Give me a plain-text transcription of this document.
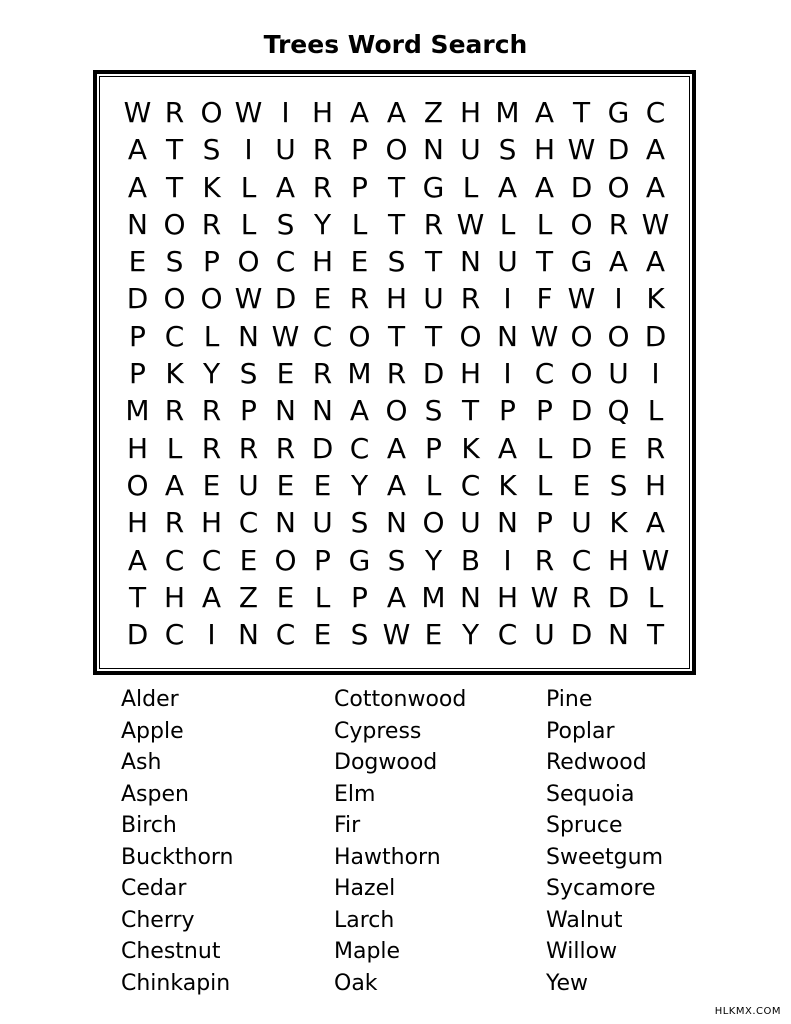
Trees Word Search
W R O W I H A A Z H M A T G C
A T S I U R P O N U S H W D A
A T K L A R P T G L A A D O A
N O R L S Y L T R W L L O R W
E S P O C H E S T N U T G A A
D O O W D E R H U R I F W I K
P C L N W C O T T O N W O O D
P K Y S E R M R D H I C O U I
M R R P N N A O S T P P D Q L
H L R R R D C A P K A L D E R
O A E U E E Y A L C K L E S H
H R H C N U S N O U N P U K A
A C C E O P G S Y B I R C H W
T H A Z E L P A M N H W R D L
D C I N C E S W E Y C U D N T
Alder
Apple
Ash
Aspen
Birch
Buckthorn
Cedar
Cherry
Chestnut
Chinkapin
Cottonwood
Cypress
Dogwood
Elm
Fir
Hawthorn
Hazel
Larch
Maple
Oak
Pine
Poplar
Redwood
Sequoia
Spruce
Sweetgum
Sycamore
Walnut
Willow
Yew
HLKMX.COM
